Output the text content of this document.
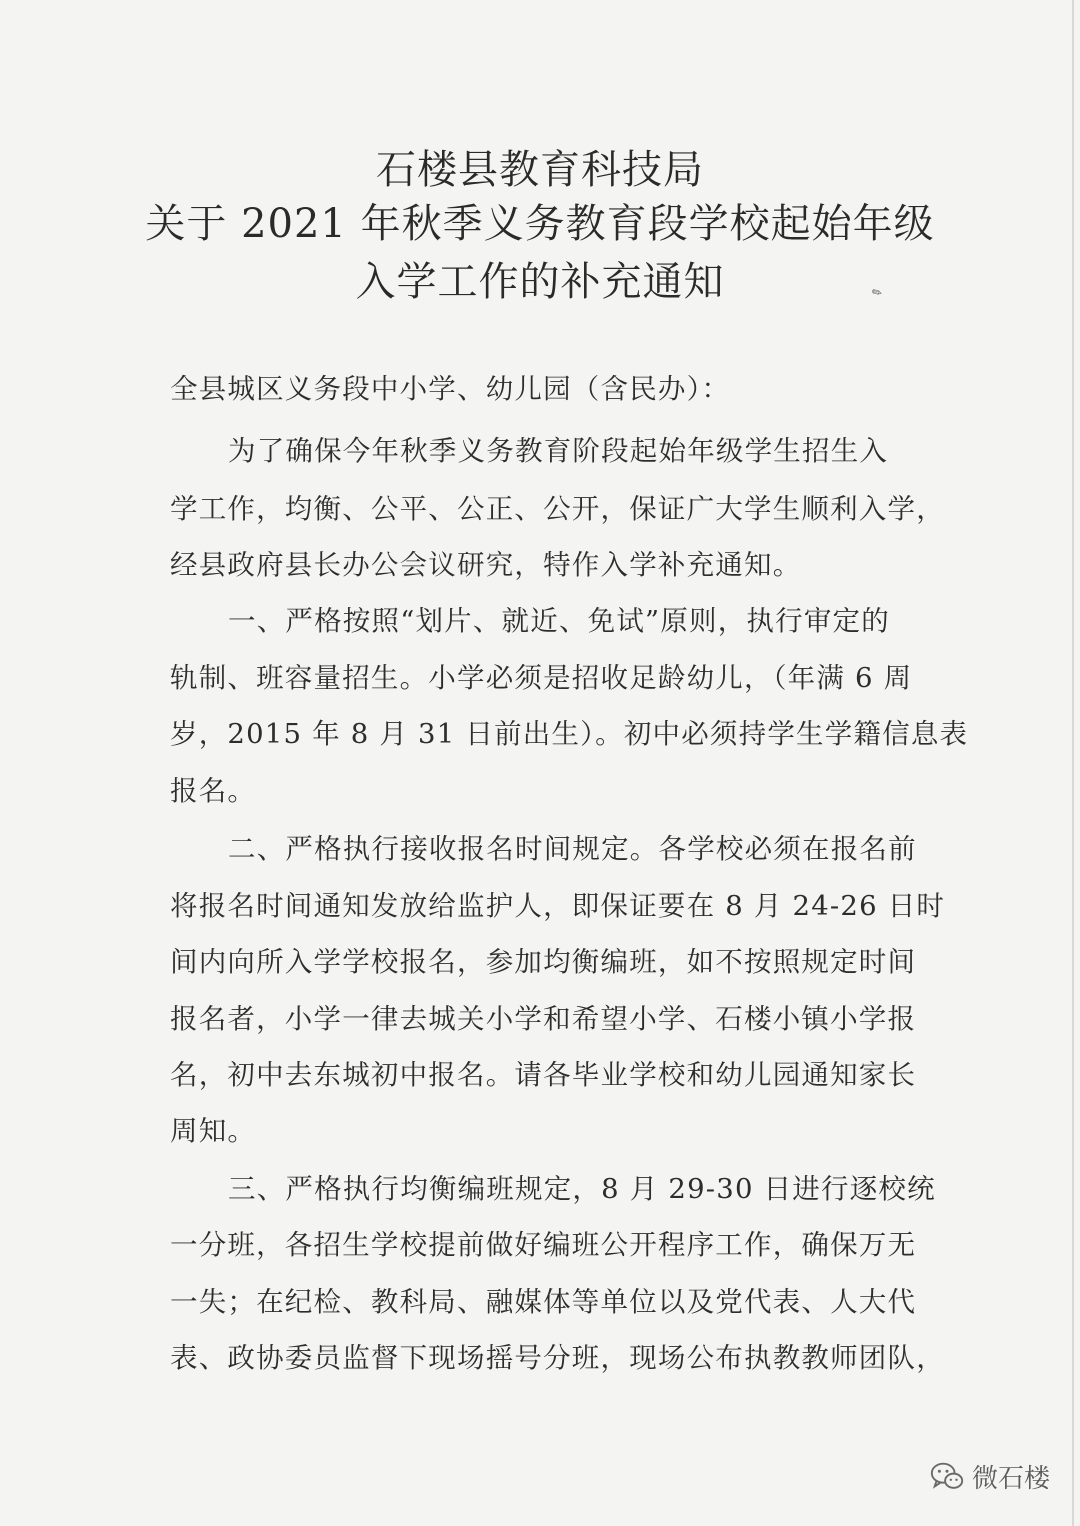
石楼县教育科技局
关于 2021 年秋季义务教育段学校起始年级
入学工作的补充通知	✎
全县城区义务段中小学、幼儿园（含民办）：
为了确保今年秋季义务教育阶段起始年级学生招生入
学工作，均衡、公平、公正、公开，保证广大学生顺利入学，
经县政府县长办公会议研究，特作入学补充通知。
一、严格按照“划片、就近、免试”原则，执行审定的
轨制、班容量招生。小学必须是招收足龄幼儿，（年满 6 周
岁，2015 年 8 月 31 日前出生）。初中必须持学生学籍信息表
报名。
二、严格执行接收报名时间规定。各学校必须在报名前
将报名时间通知发放给监护人，即保证要在 8 月 24-26 日时
间内向所入学学校报名，参加均衡编班，如不按照规定时间
报名者，小学一律去城关小学和希望小学、石楼小镇小学报
名，初中去东城初中报名。请各毕业学校和幼儿园通知家长
周知。
三、严格执行均衡编班规定，8 月 29-30 日进行逐校统
一分班，各招生学校提前做好编班公开程序工作，确保万无
一失；在纪检、教科局、融媒体等单位以及党代表、人大代
表、政协委员监督下现场摇号分班，现场公布执教教师团队，
微石楼
